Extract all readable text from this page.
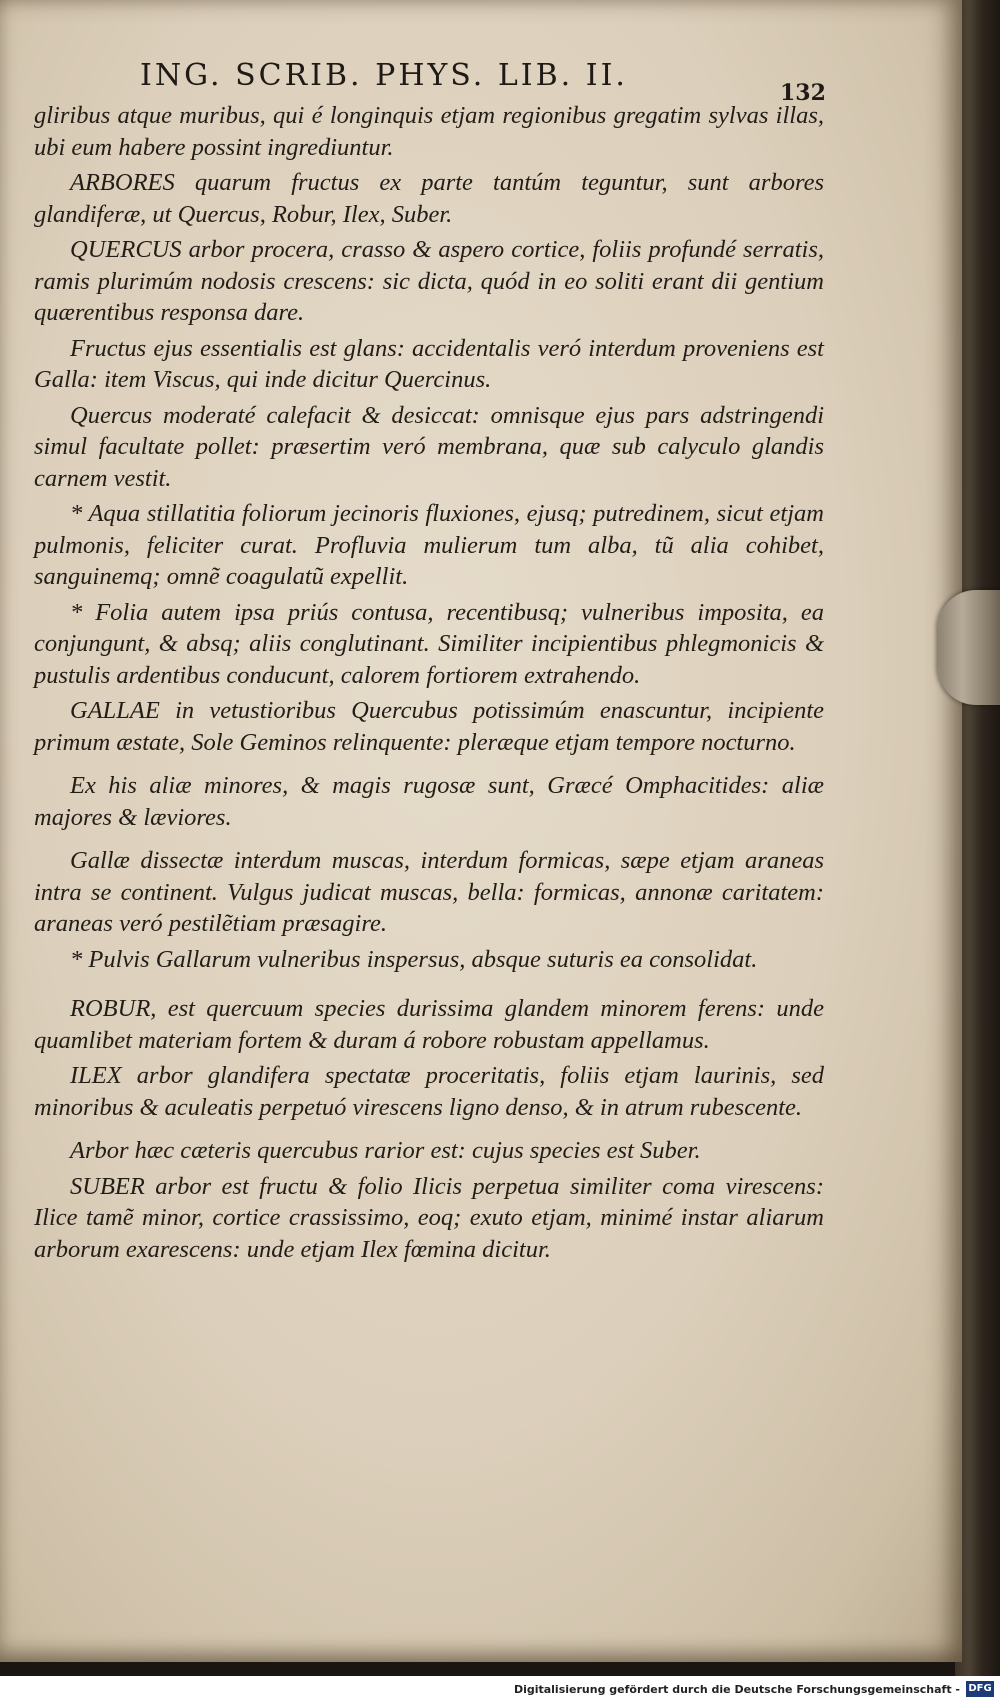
ING. SCRIB. PHYS. LIB. II.	132

gliribus atque muribus, qui é longinquis etjam regionibus gregatim sylvas illas, ubi eum habere possint ingrediuntur.

ARBORES quarum fructus ex parte tantúm teguntur, sunt arbores glandiferæ, ut Quercus, Robur, Ilex, Suber.

QUERCUS arbor procera, crasso & aspero cortice, foliis profundé serratis, ramis plurimúm nodosis crescens: sic dicta, quód in eo soliti erant dii gentium quærentibus responsa dare.

Fructus ejus essentialis est glans: accidentalis veró interdum proveniens est Galla: item Viscus, qui inde dicitur Quercinus.

Quercus moderaté calefacit & desiccat: omnisque ejus pars adstringendi simul facultate pollet: præsertim veró membrana, quæ sub calyculo glandis carnem vestit.

* Aqua stillatitia foliorum jecinoris fluxiones, ejusq; putredinem, sicut etjam pulmonis, feliciter curat. Profluvia mulierum tum alba, tũ alia cohibet, sanguinemq; omnẽ coagulatũ expellit.

* Folia autem ipsa priús contusa, recentibusq; vulneribus imposita, ea conjungunt, & absq; aliis conglutinant. Similiter incipientibus phlegmonicis & pustulis ardentibus conducunt, calorem fortiorem extrahendo.

GALLAE in vetustioribus Quercubus potissimúm enascuntur, incipiente primum æstate, Sole Geminos relinquente: pleræque etjam tempore nocturno.

Ex his aliæ minores, & magis rugosæ sunt, Græcé Omphacitides: aliæ majores & læviores.

Gallæ dissectæ interdum muscas, interdum formicas, sæpe etjam araneas intra se continent. Vulgus judicat muscas, bella: formicas, annonæ caritatem: araneas veró pestilẽtiam præsagire.

* Pulvis Gallarum vulneribus inspersus, absque suturis ea consolidat.

ROBUR, est quercuum species durissima glandem minorem ferens: unde quamlibet materiam fortem & duram á robore robustam appellamus.

ILEX arbor glandifera spectatæ proceritatis, foliis etjam laurinis, sed minoribus & aculeatis perpetuó virescens ligno denso, & in atrum rubescente.

Arbor hæc cæteris quercubus rarior est: cujus species est Suber.

SUBER arbor est fructu & folio Ilicis perpetua similiter coma virescens: Ilice tamẽ minor, cortice crassissimo, eoq; exuto etjam, minimé instar aliarum arborum exarescens: unde etjam Ilex fœmina dicitur.

Digitalisierung gefördert durch die Deutsche Forschungsgemeinschaft - DFG
